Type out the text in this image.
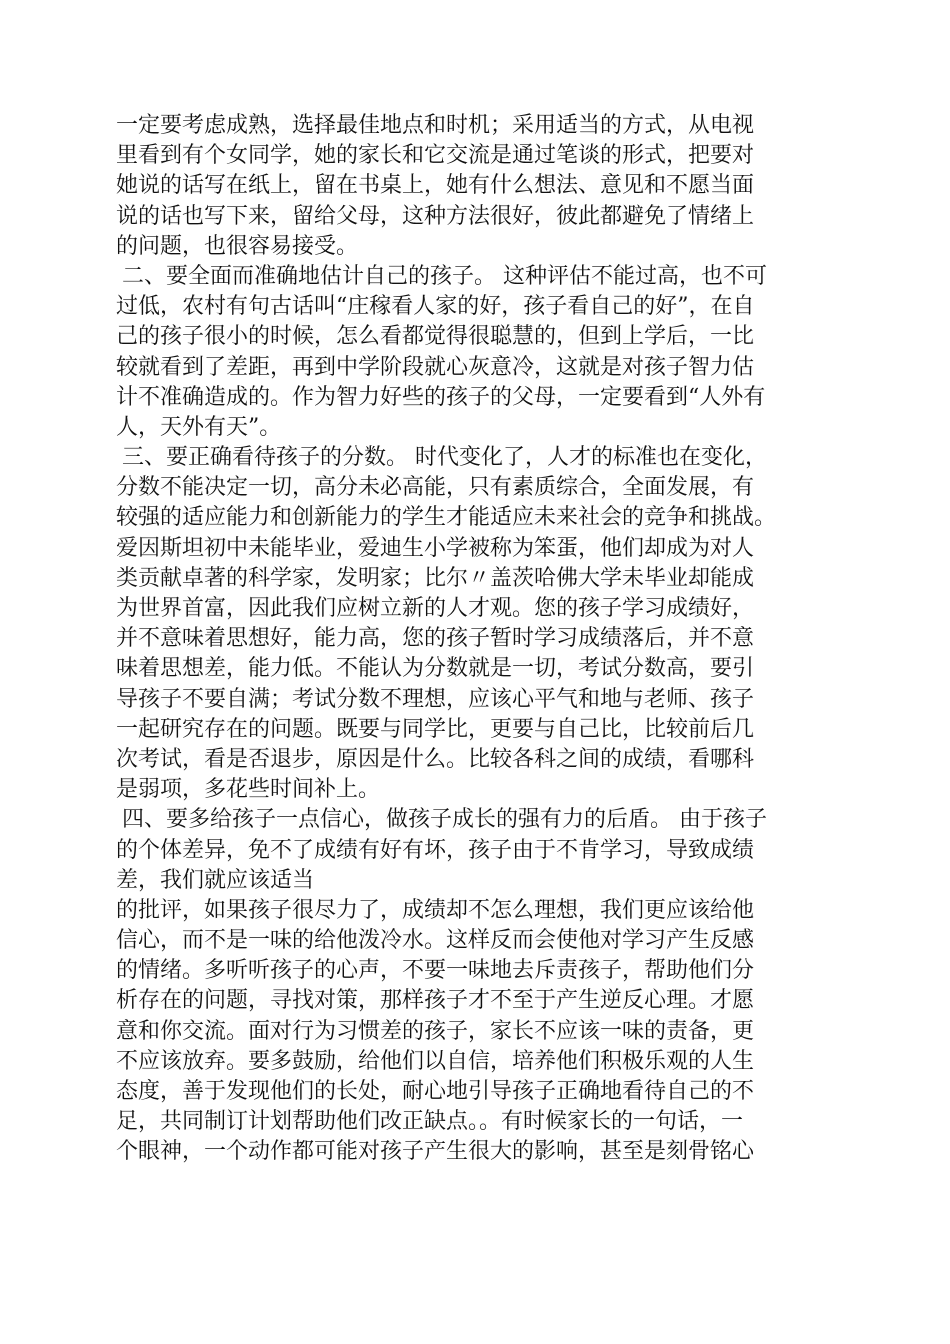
一定要考虑成熟，选择最佳地点和时机；采用适当的方式，从电视
里看到有个女同学，她的家长和它交流是通过笔谈的形式，把要对
她说的话写在纸上，留在书桌上，她有什么想法、意见和不愿当面
说的话也写下来，留给父母，这种方法很好，彼此都避免了情绪上
的问题，也很容易接受。
二、要全面而准确地估计自己的孩子。 这种评估不能过高，也不可
过低，农村有句古话叫“庄稼看人家的好，孩子看自己的好”，在自
己的孩子很小的时候，怎么看都觉得很聪慧的，但到上学后，一比
较就看到了差距，再到中学阶段就心灰意冷，这就是对孩子智力估
计不准确造成的。作为智力好些的孩子的父母，一定要看到“人外有
人，天外有天”。
三、要正确看待孩子的分数。 时代变化了，人才的标准也在变化，
分数不能决定一切，高分未必高能，只有素质综合，全面发展，有
较强的适应能力和创新能力的学生才能适应未来社会的竞争和挑战。
爱因斯坦初中未能毕业，爱迪生小学被称为笨蛋，他们却成为对人
类贡献卓著的科学家，发明家；比尔〃盖茨哈佛大学未毕业却能成
为世界首富，因此我们应树立新的人才观。您的孩子学习成绩好，
并不意味着思想好，能力高，您的孩子暂时学习成绩落后，并不意
味着思想差，能力低。不能认为分数就是一切，考试分数高，要引
导孩子不要自满；考试分数不理想，应该心平气和地与老师、孩子
一起研究存在的问题。既要与同学比，更要与自己比，比较前后几
次考试，看是否退步，原因是什么。比较各科之间的成绩，看哪科
是弱项，多花些时间补上。
四、要多给孩子一点信心，做孩子成长的强有力的后盾。 由于孩子
的个体差异，免不了成绩有好有坏，孩子由于不肯学习，导致成绩
差，我们就应该适当
的批评，如果孩子很尽力了，成绩却不怎么理想，我们更应该给他
信心，而不是一味的给他泼冷水。这样反而会使他对学习产生反感
的情绪。多听听孩子的心声，不要一味地去斥责孩子，帮助他们分
析存在的问题，寻找对策，那样孩子才不至于产生逆反心理。才愿
意和你交流。面对行为习惯差的孩子，家长不应该一味的责备，更
不应该放弃。要多鼓励，给他们以自信，培养他们积极乐观的人生
态度，善于发现他们的长处，耐心地引导孩子正确地看待自己的不
足，共同制订计划帮助他们改正缺点。。有时候家长的一句话，一
个眼神，一个动作都可能对孩子产生很大的影响，甚至是刻骨铭心
